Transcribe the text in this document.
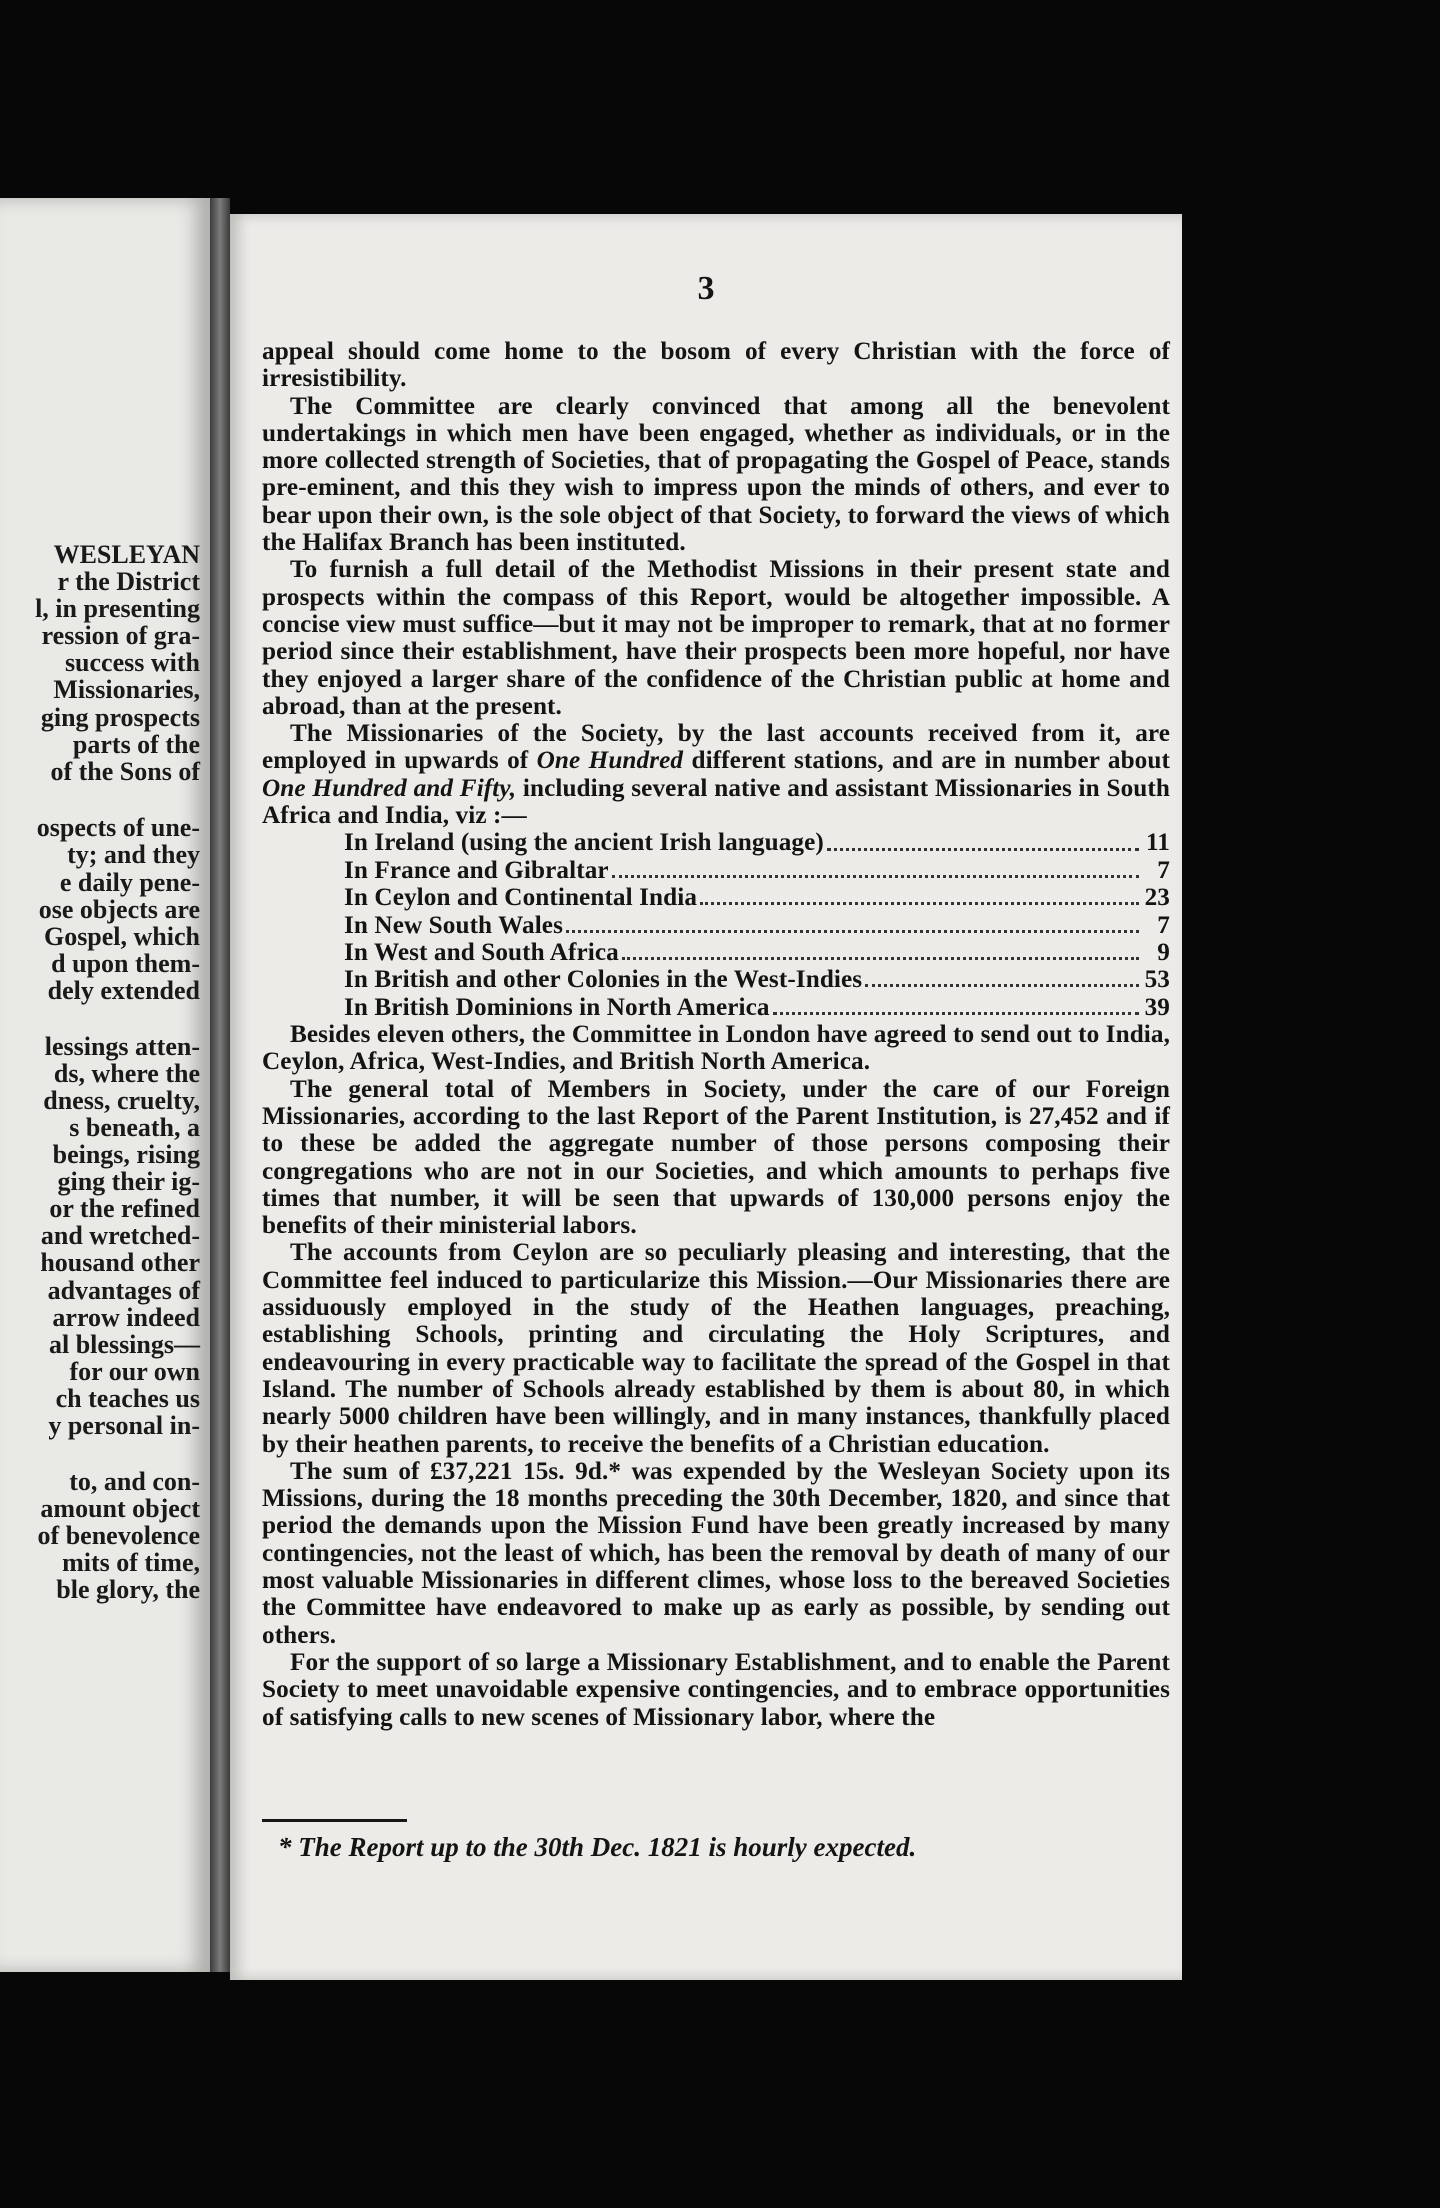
WESLEYAN
r the District
l, in presenting
ression of gra-
success with
Missionaries,
ging prospects
parts of the
of the Sons of
ospects of une-
ty; and they
e daily pene-
ose objects are
Gospel, which
d upon them-
dely extended
lessings atten-
ds, where the
dness, cruelty,
s beneath, a
beings, rising
ging their ig-
or the refined
and wretched-
housand other
advantages of
arrow indeed
al blessings—
for our own
ch teaches us
y personal in-
to, and con-
amount object
of benevolence
mits of time,
ble glory, the
3

appeal should come home to the bosom of every Christian with the force of irresistibility.

The Committee are clearly convinced that among all the benevolent undertakings in which men have been engaged, whether as individuals, or in the more collected strength of Societies, that of propagating the Gospel of Peace, stands pre-eminent, and this they wish to impress upon the minds of others, and ever to bear upon their own, is the sole object of that Society, to forward the views of which the Halifax Branch has been instituted.

To furnish a full detail of the Methodist Missions in their present state and prospects within the compass of this Report, would be altogether impossible. A concise view must suffice—but it may not be improper to remark, that at no former period since their establishment, have their prospects been more hopeful, nor have they enjoyed a larger share of the confidence of the Christian public at home and abroad, than at the present.

The Missionaries of the Society, by the last accounts received from it, are employed in upwards of One Hundred different stations, and are in number about One Hundred and Fifty, including several native and assistant Missionaries in South Africa and India, viz :—

In Ireland (using the ancient Irish language)	11
In France and Gibraltar	7
In Ceylon and Continental India	23
In New South Wales	7
In West and South Africa	9
In British and other Colonies in the West-Indies	53
In British Dominions in North America	39

Besides eleven others, the Committee in London have agreed to send out to India, Ceylon, Africa, West-Indies, and British North America.

The general total of Members in Society, under the care of our Foreign Missionaries, according to the last Report of the Parent Institution, is 27,452 and if to these be added the aggregate number of those persons composing their congregations who are not in our Societies, and which amounts to perhaps five times that number, it will be seen that upwards of 130,000 persons enjoy the benefits of their ministerial labors.

The accounts from Ceylon are so peculiarly pleasing and interesting, that the Committee feel induced to particularize this Mission.—Our Missionaries there are assiduously employed in the study of the Heathen languages, preaching, establishing Schools, printing and circulating the Holy Scriptures, and endeavouring in every practicable way to facilitate the spread of the Gospel in that Island. The number of Schools already established by them is about 80, in which nearly 5000 children have been willingly, and in many instances, thankfully placed by their heathen parents, to receive the benefits of a Christian education.

The sum of £37,221 15s. 9d.* was expended by the Wesleyan Society upon its Missions, during the 18 months preceding the 30th December, 1820, and since that period the demands upon the Mission Fund have been greatly increased by many contingencies, not the least of which, has been the removal by death of many of our most valuable Missionaries in different climes, whose loss to the bereaved Societies the Committee have endeavored to make up as early as possible, by sending out others.

For the support of so large a Missionary Establishment, and to enable the Parent Society to meet unavoidable expensive contingencies, and to embrace opportunities of satisfying calls to new scenes of Missionary labor, where the

* The Report up to the 30th Dec. 1821 is hourly expected.
